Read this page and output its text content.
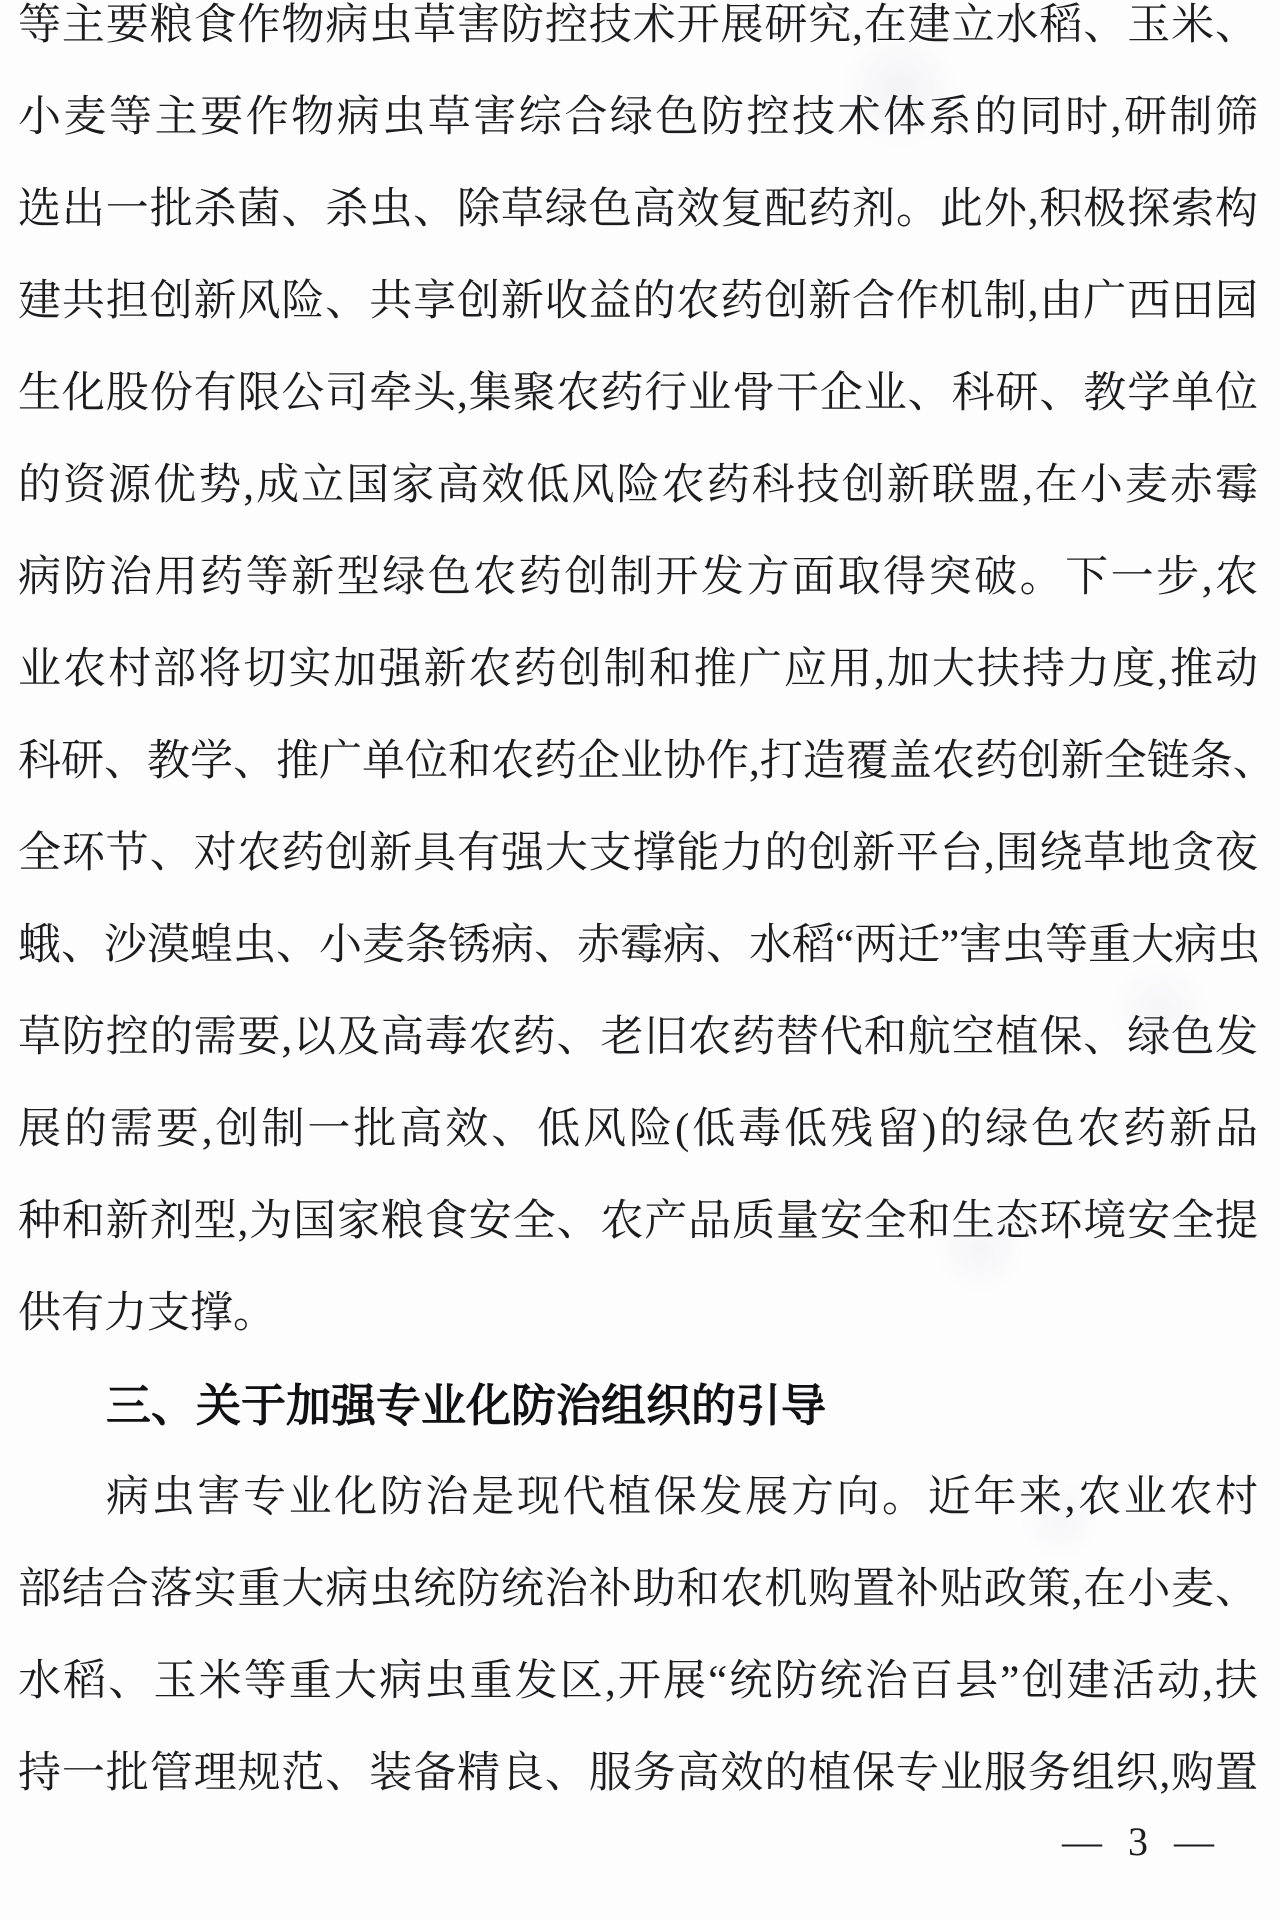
等主要粮食作物病虫草害防控技术开展研究,在建立水稻、玉米、

小麦等主要作物病虫草害综合绿色防控技术体系的同时,研制筛

选出一批杀菌、杀虫、除草绿色高效复配药剂。此外,积极探索构

建共担创新风险、共享创新收益的农药创新合作机制,由广西田园

生化股份有限公司牵头,集聚农药行业骨干企业、科研、教学单位

的资源优势,成立国家高效低风险农药科技创新联盟,在小麦赤霉

病防治用药等新型绿色农药创制开发方面取得突破。下一步,农

业农村部将切实加强新农药创制和推广应用,加大扶持力度,推动

科研、教学、推广单位和农药企业协作,打造覆盖农药创新全链条、

全环节、对农药创新具有强大支撑能力的创新平台,围绕草地贪夜

蛾、沙漠蝗虫、小麦条锈病、赤霉病、水稻“两迁”害虫等重大病虫

草防控的需要,以及高毒农药、老旧农药替代和航空植保、绿色发

展的需要,创制一批高效、低风险(低毒低残留)的绿色农药新品

种和新剂型,为国家粮食安全、农产品质量安全和生态环境安全提

供有力支撑。

三、关于加强专业化防治组织的引导

病虫害专业化防治是现代植保发展方向。近年来,农业农村

部结合落实重大病虫统防统治补助和农机购置补贴政策,在小麦、

水稻、玉米等重大病虫重发区,开展“统防统治百县”创建活动,扶

持一批管理规范、装备精良、服务高效的植保专业服务组织,购置

— 3 —
